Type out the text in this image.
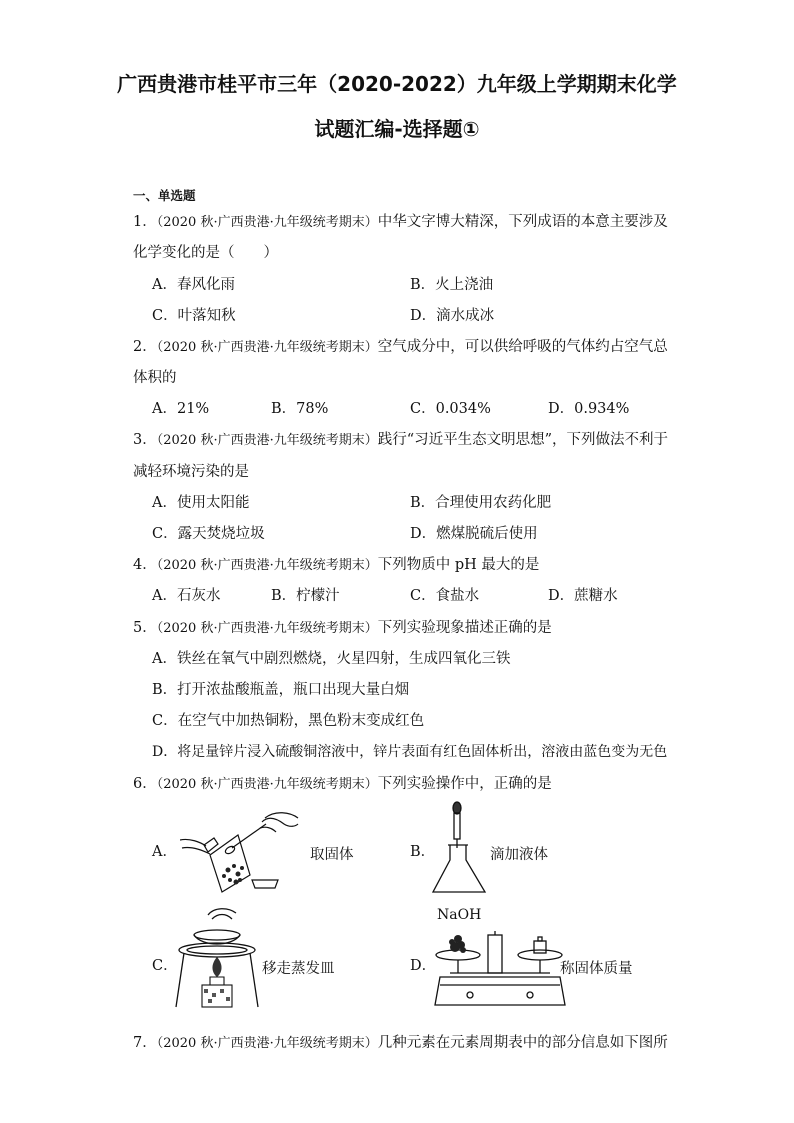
广西贵港市桂平市三年（2020-2022）九年级上学期期末化学
试题汇编-选择题①
一、单选题
1．（2020 秋·广西贵港·九年级统考期末）中华文字博大精深，下列成语的本意主要涉及
化学变化的是（　　）
A．春风化雨	B．火上浇油
C．叶落知秋	D．滴水成冰
2．（2020 秋·广西贵港·九年级统考期末）空气成分中，可以供给呼吸的气体约占空气总
体积的
A．21%	B．78%	C．0.034%	D．0.934%
3．（2020 秋·广西贵港·九年级统考期末）践行“习近平生态文明思想”，下列做法不利于
减轻环境污染的是
A．使用太阳能	B．合理使用农药化肥
C．露天焚烧垃圾	D．燃煤脱硫后使用
4．（2020 秋·广西贵港·九年级统考期末）下列物质中 pH 最大的是
A．石灰水	B．柠檬汁	C．食盐水	D．蔗糖水
5．（2020 秋·广西贵港·九年级统考期末）下列实验现象描述正确的是
A．铁丝在氧气中剧烈燃烧，火星四射，生成四氧化三铁
B．打开浓盐酸瓶盖，瓶口出现大量白烟
C．在空气中加热铜粉，黑色粉末变成红色
D．将足量锌片浸入硫酸铜溶液中，锌片表面有红色固体析出，溶液由蓝色变为无色
6．（2020 秋·广西贵港·九年级统考期末）下列实验操作中，正确的是
A．	取固体	B．	滴加液体
C．	移走蒸发皿	D．
NaOH
称固体质量
7．（2020 秋·广西贵港·九年级统考期末）几种元素在元素周期表中的部分信息如下图所
